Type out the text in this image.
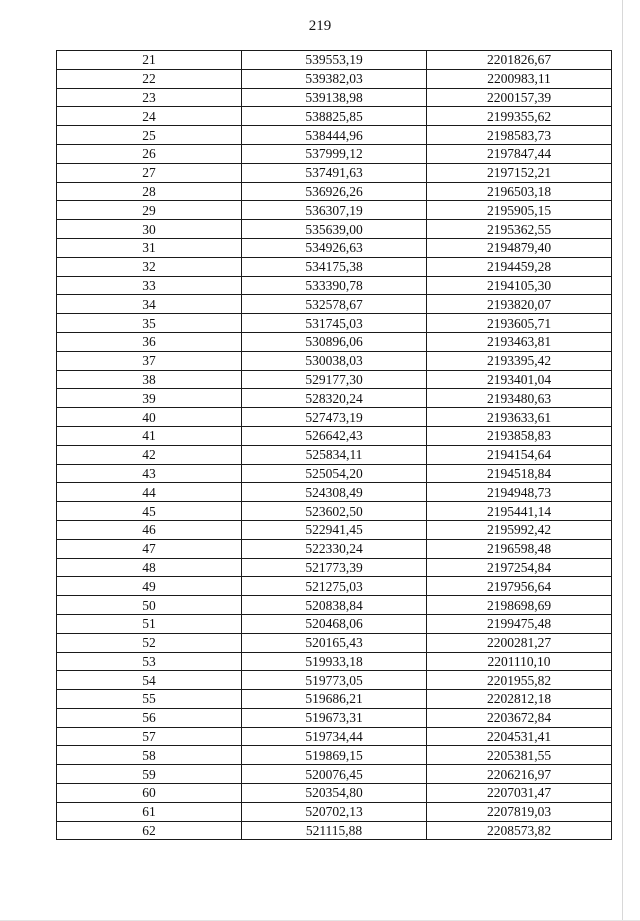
219
21	539553,19	2201826,67
22	539382,03	2200983,11
23	539138,98	2200157,39
24	538825,85	2199355,62
25	538444,96	2198583,73
26	537999,12	2197847,44
27	537491,63	2197152,21
28	536926,26	2196503,18
29	536307,19	2195905,15
30	535639,00	2195362,55
31	534926,63	2194879,40
32	534175,38	2194459,28
33	533390,78	2194105,30
34	532578,67	2193820,07
35	531745,03	2193605,71
36	530896,06	2193463,81
37	530038,03	2193395,42
38	529177,30	2193401,04
39	528320,24	2193480,63
40	527473,19	2193633,61
41	526642,43	2193858,83
42	525834,11	2194154,64
43	525054,20	2194518,84
44	524308,49	2194948,73
45	523602,50	2195441,14
46	522941,45	2195992,42
47	522330,24	2196598,48
48	521773,39	2197254,84
49	521275,03	2197956,64
50	520838,84	2198698,69
51	520468,06	2199475,48
52	520165,43	2200281,27
53	519933,18	2201110,10
54	519773,05	2201955,82
55	519686,21	2202812,18
56	519673,31	2203672,84
57	519734,44	2204531,41
58	519869,15	2205381,55
59	520076,45	2206216,97
60	520354,80	2207031,47
61	520702,13	2207819,03
62	521115,88	2208573,82
